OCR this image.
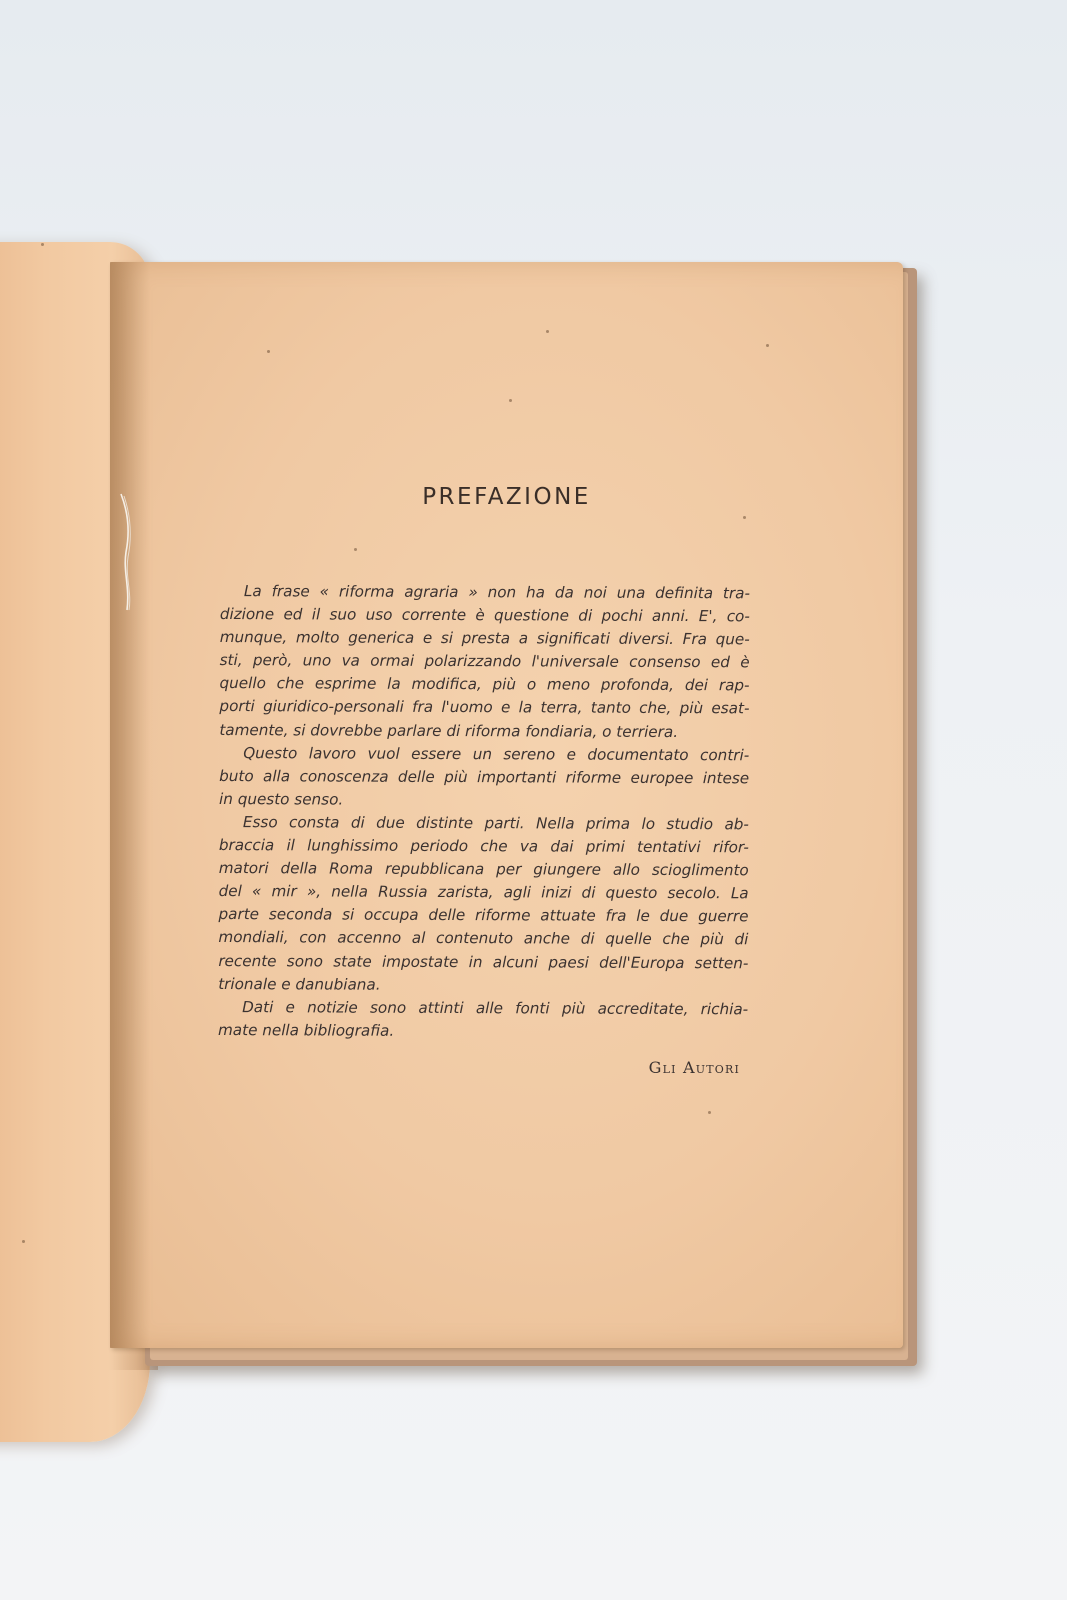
PREFAZIONE

La frase « riforma agraria » non ha da noi una definita tra-
dizione ed il suo uso corrente è questione di pochi anni. E', co-
munque, molto generica e si presta a significati diversi. Fra que-
sti, però, uno va ormai polarizzando l'universale consenso ed è
quello che esprime la modifica, più o meno profonda, dei rap-
porti giuridico-personali fra l'uomo e la terra, tanto che, più esat-
tamente, si dovrebbe parlare di riforma fondiaria, o terriera.

Questo lavoro vuol essere un sereno e documentato contri-
buto alla conoscenza delle più importanti riforme europee intese
in questo senso.

Esso consta di due distinte parti. Nella prima lo studio ab-
braccia il lunghissimo periodo che va dai primi tentativi rifor-
matori della Roma repubblicana per giungere allo scioglimento
del « mir », nella Russia zarista, agli inizi di questo secolo. La
parte seconda si occupa delle riforme attuate fra le due guerre
mondiali, con accenno al contenuto anche di quelle che più di
recente sono state impostate in alcuni paesi dell'Europa setten-
trionale e danubiana.

Dati e notizie sono attinti alle fonti più accreditate, richia-
mate nella bibliografia.

Gli Autori
